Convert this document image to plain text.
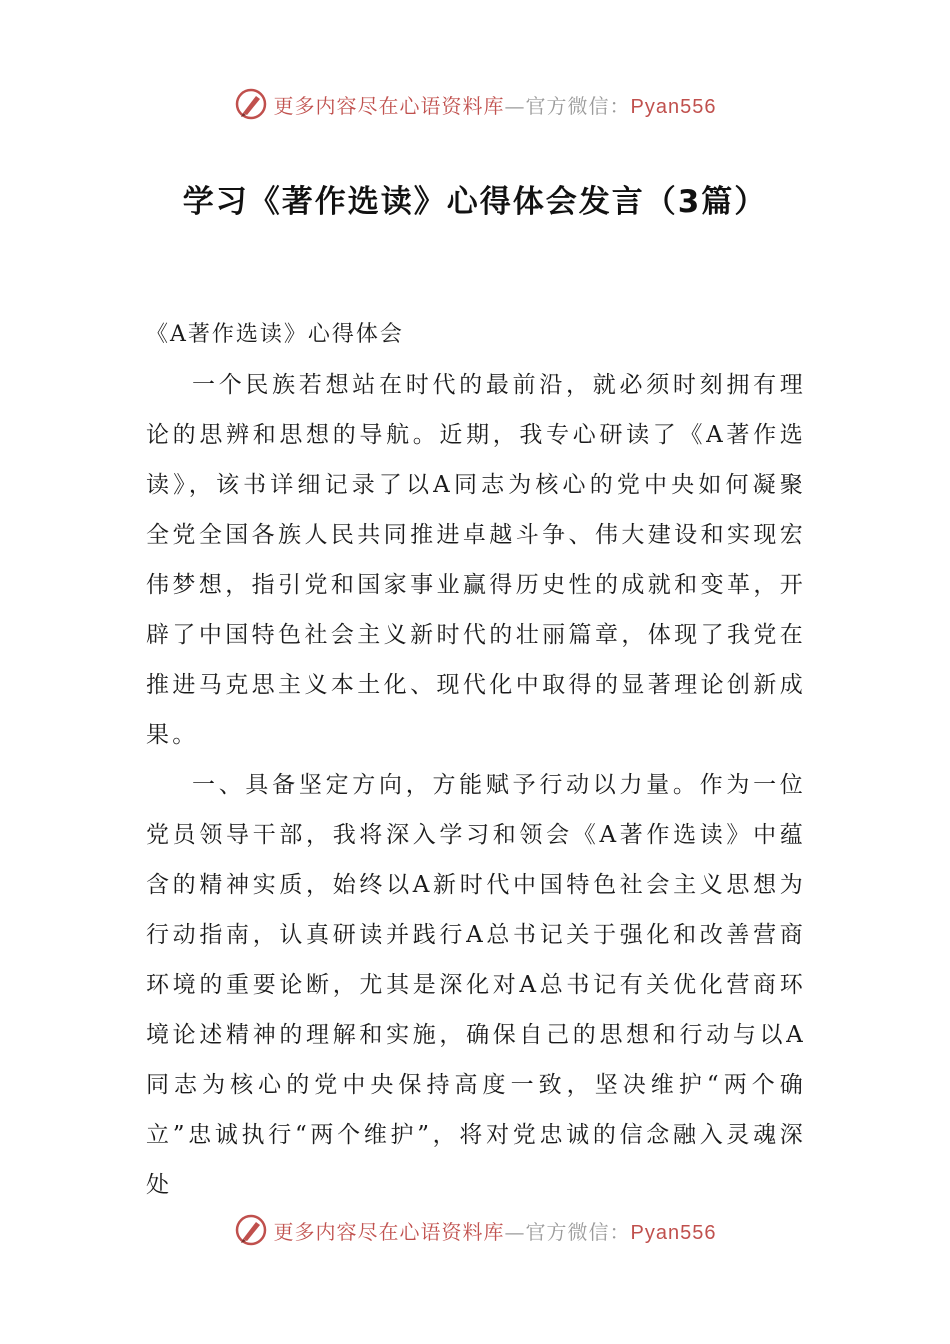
更多内容尽在心语资料库—官方微信：Pyan556
学习《著作选读》心得体会发言（3篇）

《A著作选读》心得体会

一个民族若想站在时代的最前沿，就必须时刻拥有理论的思辨和思想的导航。近期，我专心研读了《A著作选读》，该书详细记录了以A同志为核心的党中央如何凝聚全党全国各族人民共同推进卓越斗争、伟大建设和实现宏伟梦想，指引党和国家事业赢得历史性的成就和变革，开辟了中国特色社会主义新时代的壮丽篇章，体现了我党在推进马克思主义本土化、现代化中取得的显著理论创新成果。

一、具备坚定方向，方能赋予行动以力量。作为一位党员领导干部，我将深入学习和领会《A著作选读》中蕴含的精神实质，始终以A新时代中国特色社会主义思想为行动指南，认真研读并践行A总书记关于强化和改善营商环境的重要论断，尤其是深化对A总书记有关优化营商环境论述精神的理解和实施，确保自己的思想和行动与以A同志为核心的党中央保持高度一致，坚决维护“两个确立”忠诚执行“两个维护”，将对党忠诚的信念融入灵魂深处

更多内容尽在心语资料库—官方微信：Pyan556
